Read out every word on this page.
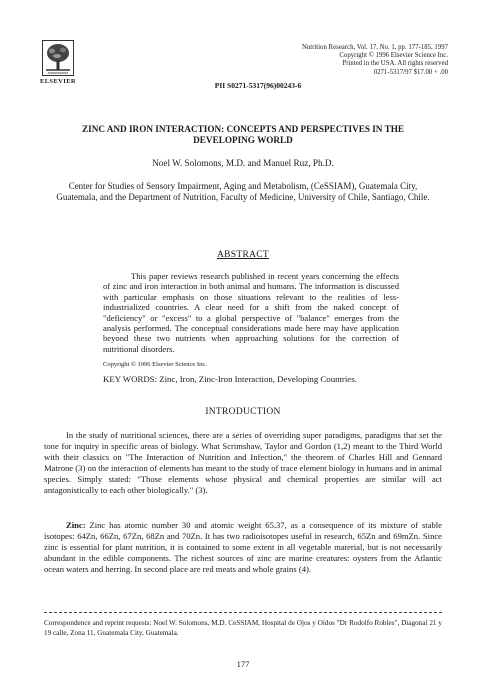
ELSEVIER
Nutrition Research, Vol. 17, No. 1, pp. 177-185, 1997
Copyright © 1996 Elsevier Science Inc.
Printed in the USA. All rights reserved
0271-5317/97 $17.00 + .00
PII S0271-5317(96)00243-6
ZINC AND IRON INTERACTION: CONCEPTS AND PERSPECTIVES IN THE DEVELOPING WORLD
Noel W. Solomons, M.D. and Manuel Ruz, Ph.D.
Center for Studies of Sensory Impairment, Aging and Metabolism, (CeSSIAM), Guatemala City, Guatemala, and the Department of Nutrition, Faculty of Medicine, University of Chile, Santiago, Chile.
ABSTRACT

This paper reviews research published in recent years concerning the effects of zinc and iron interaction in both animal and humans. The information is discussed with particular emphasis on those situations relevant to the realities of less-industrialized countries. A clear need for a shift from the naked concept of "deficiency" or "excess" to a global perspective of "balance" emerges from the analysis performed. The conceptual considerations made here may have application beyond these two nutrients when approaching solutions for the correction of nutritional disorders.

Copyright © 1996 Elsevier Science Inc.
KEY WORDS: Zinc, Iron, Zinc-Iron Interaction, Developing Countries.
INTRODUCTION

In the study of nutritional sciences, there are a series of overriding super paradigms, paradigms that set the tone for inquiry in specific areas of biology. What Scrimshaw, Taylor and Gordon (1,2) meant to the Third World with their classics on "The Interaction of Nutrition and Infection," the theorem of Charles Hill and Gennard Matrone (3) on the interaction of elements has meant to the study of trace element biology in humans and in animal species. Simply stated: "Those elements whose physical and chemical properties are similar will act antagonistically to each other biologically." (3).

Zinc: Zinc has atomic number 30 and atomic weight 65.37, as a consequence of its mixture of stable isotopes: 64Zn, 66Zn, 67Zn, 68Zn and 70Zn. It has two radioisotopes useful in research, 65Zn and 69mZn. Since zinc is essential for plant nutrition, it is contained to some extent in all vegetable material, but is not necessarily abundant in the edible components. The richest sources of zinc are marine creatures: oysters from the Atlantic ocean waters and herring. In second place are red meats and whole grains (4).

Correspondence and reprint requests: Noel W. Solomons, M.D. CeSSIAM, Hospital de Ojos y Oídos "Dr Rodolfo Robles", Diagonal 21 y 19 calle, Zona 11, Guatemala City, Guatemala.
177
